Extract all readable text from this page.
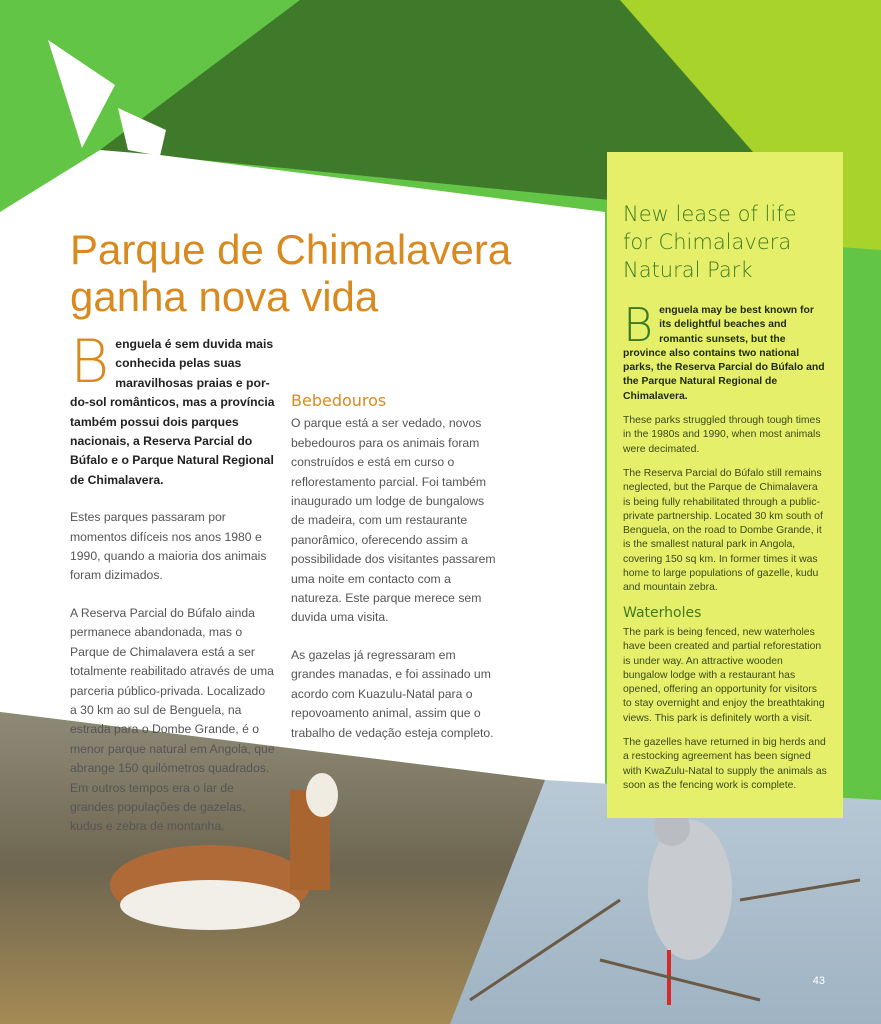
Parque de Chimalavera ganha nova vida

Benguela é sem duvida mais conhecida pelas suas maravilhosas praias e por-do-sol românticos, mas a província também possui dois parques nacionais, a Reserva Parcial do Búfalo e o Parque Natural Regional de Chimalavera.

Estes parques passaram por momentos difíceis nos anos 1980 e 1990, quando a maioria dos animais foram dizimados.

A Reserva Parcial do Búfalo ainda permanece abandonada, mas o Parque de Chimalavera está a ser totalmente reabilitado através de uma parceria público-privada. Localizado a 30 km ao sul de Benguela, na estrada para o Dombe Grande, é o menor parque natural em Angola, que abrange 150 quilómetros quadrados. Em outros tempos era o lar de grandes populações de gazelas, kudus e zebra de montanha.

Bebedouros

O parque está a ser vedado, novos bebedouros para os animais foram construídos e está em curso o reflorestamento parcial. Foi também inaugurado um lodge de bungalows de madeira, com um restaurante panorâmico, oferecendo assim a possibilidade dos visitantes passarem uma noite em contacto com a natureza. Este parque merece sem duvida uma visita.

As gazelas já regressaram em grandes manadas, e foi assinado um acordo com Kuazulu-Natal para o repovoamento animal, assim que o trabalho de vedação esteja completo.

New lease of life for Chimalavera Natural Park

Benguela may be best known for its delightful beaches and romantic sunsets, but the province also contains two national parks, the Reserva Parcial do Búfalo and the Parque Natural Regional de Chimalavera.

These parks struggled through tough times in the 1980s and 1990, when most animals were decimated.

The Reserva Parcial do Búfalo still remains neglected, but the Parque de Chimalavera is being fully rehabilitated through a public-private partnership. Located 30 km south of Benguela, on the road to Dombe Grande, it is the smallest natural park in Angola, covering 150 sq km. In former times it was home to large populations of gazelle, kudu and mountain zebra.

Waterholes

The park is being fenced, new waterholes have been created and partial reforestation is under way. An attractive wooden bungalow lodge with a restaurant has opened, offering an opportunity for visitors to stay overnight and enjoy the breathtaking views. This park is definitely worth a visit.

The gazelles have returned in big herds and a restocking agreement has been signed with KwaZulu-Natal to supply the animals as soon as the fencing work is complete.

43
